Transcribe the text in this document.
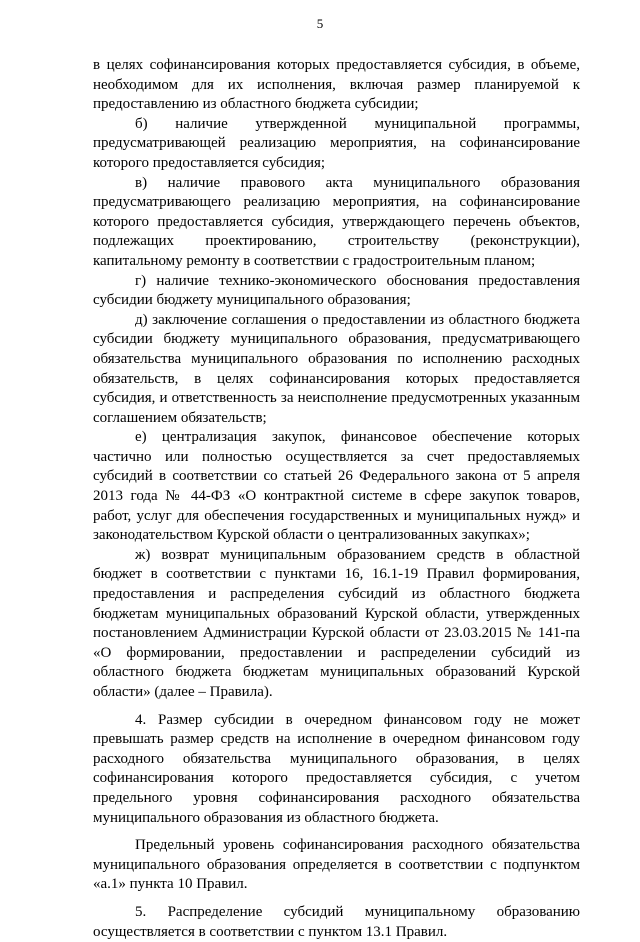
5

в целях софинансирования которых предоставляется субсидия, в объеме, необходимом для их исполнения, включая размер планируемой к предоставлению из областного бюджета субсидии;

б) наличие утвержденной муниципальной программы, предусматривающей реализацию мероприятия, на софинансирование которого предоставляется субсидия;

в) наличие правового акта муниципального образования предусматривающего реализацию мероприятия, на софинансирование которого предоставляется субсидия, утверждающего перечень объектов, подлежащих проектированию, строительству (реконструкции), капитальному ремонту в соответствии с градостроительным планом;

г) наличие технико-экономического обоснования предоставления субсидии бюджету муниципального образования;

д) заключение соглашения о предоставлении из областного бюджета субсидии бюджету муниципального образования, предусматривающего обязательства муниципального образования по исполнению расходных обязательств, в целях софинансирования которых предоставляется субсидия, и ответственность за неисполнение предусмотренных указанным соглашением обязательств;

е) централизация закупок, финансовое обеспечение которых частично или полностью осуществляется за счет предоставляемых субсидий в соответствии со статьей 26 Федерального закона от 5 апреля 2013 года № 44-ФЗ «О контрактной системе в сфере закупок товаров, работ, услуг для обеспечения государственных и муниципальных нужд» и законодательством Курской области о централизованных закупках»;

ж) возврат муниципальным образованием средств в областной бюджет в соответствии с пунктами 16, 16.1-19 Правил формирования, предоставления и распределения субсидий из областного бюджета бюджетам муниципальных образований Курской области, утвержденных постановлением Администрации Курской области от 23.03.2015 № 141-па «О формировании, предоставлении и распределении субсидий из областного бюджета бюджетам муниципальных образований Курской области» (далее – Правила).

4. Размер субсидии в очередном финансовом году не может превышать размер средств на исполнение в очередном финансовом году расходного обязательства муниципального образования, в целях софинансирования которого предоставляется субсидия, с учетом предельного уровня софинансирования расходного обязательства муниципального образования из областного бюджета.

Предельный уровень софинансирования расходного обязательства муниципального образования определяется в соответствии с подпунктом «а.1» пункта 10 Правил.

5. Распределение субсидий муниципальному образованию осуществляется в соответствии с пунктом 13.1 Правил.
